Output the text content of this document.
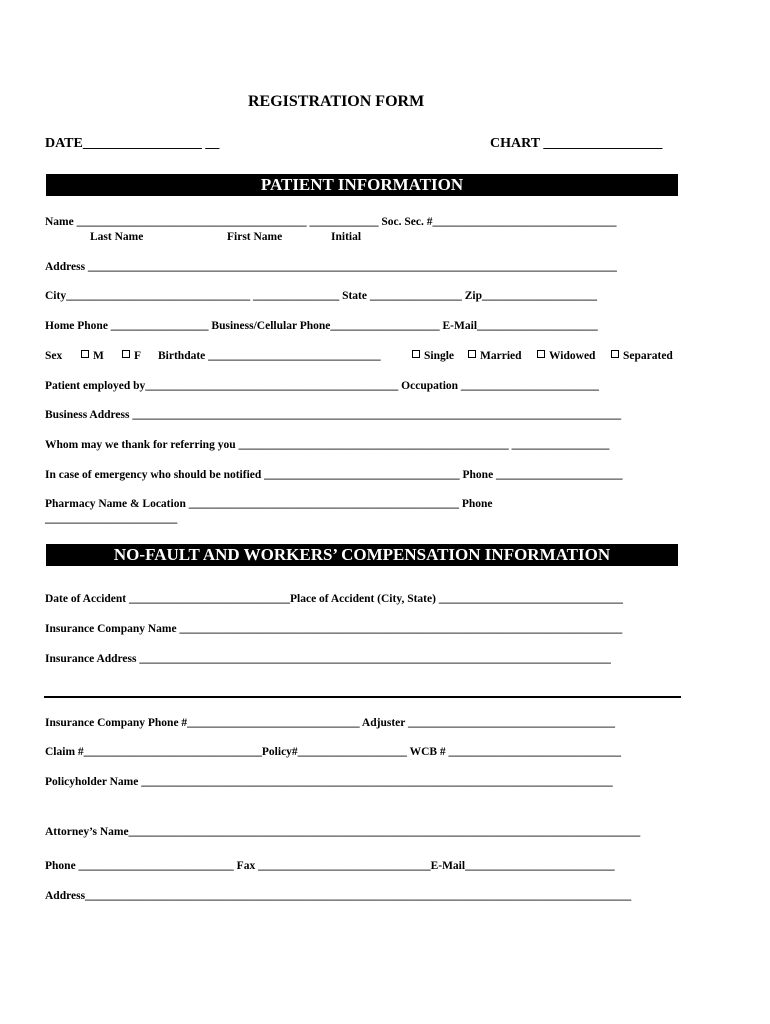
REGISTRATION FORM
DATE_________________ __	CHART _________________
PATIENT INFORMATION
Name ________________________________________ ____________ Soc. Sec. #________________________________
Last Name	First Name	Initial
Address ____________________________________________________________________________________________
City________________________________ _______________ State ________________ Zip____________________
Home Phone _________________ Business/Cellular Phone___________________ E-Mail_____________________
Sex	M	F Birthdate ______________________________	Single	Married	Widowed	Separated
Patient employed by____________________________________________ Occupation ________________________
Business Address _____________________________________________________________________________________
Whom may we thank for referring you _______________________________________________ _________________
In case of emergency who should be notified __________________________________ Phone ______________________
Pharmacy Name & Location _______________________________________________ Phone
_______________________
NO-FAULT AND WORKERS’ COMPENSATION INFORMATION
Date of Accident ____________________________Place of Accident (City, State) ________________________________
Insurance Company Name _____________________________________________________________________________
Insurance Address __________________________________________________________________________________
Insurance Company Phone #______________________________ Adjuster ____________________________________
Claim #_______________________________Policy#___________________ WCB # ______________________________
Policyholder Name __________________________________________________________________________________
Attorney’s Name_________________________________________________________________________________________
Phone ___________________________ Fax ______________________________E-Mail__________________________
Address_______________________________________________________________________________________________
